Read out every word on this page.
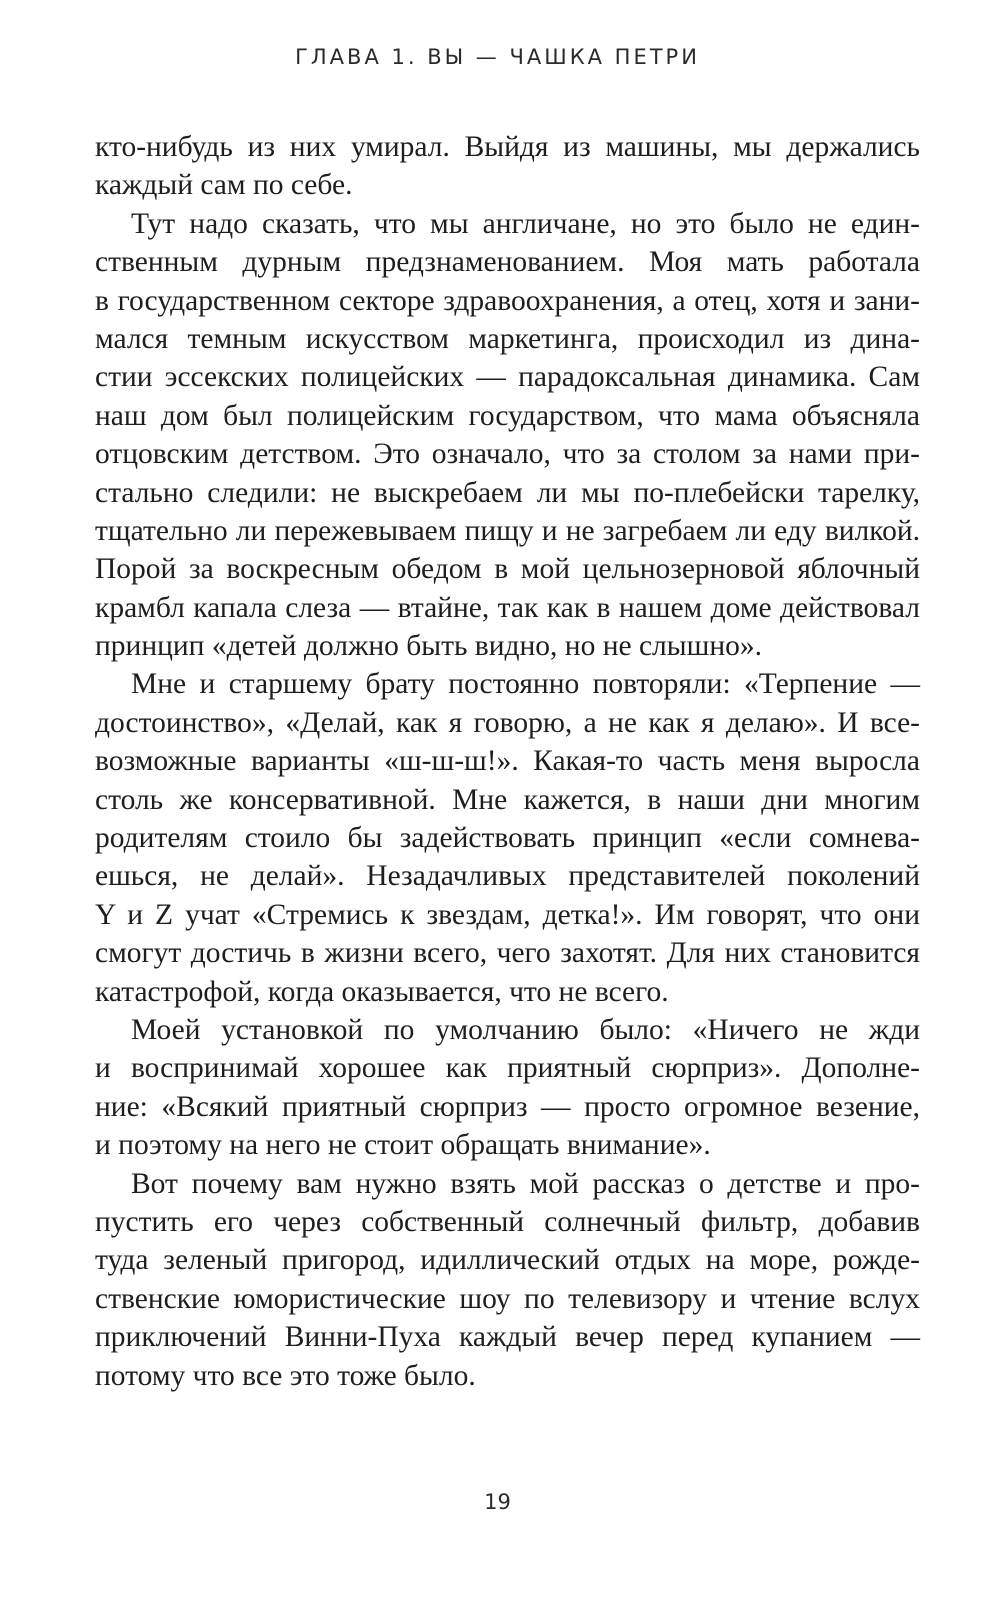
ГЛАВА 1. ВЫ — ЧАШКА ПЕТРИ
кто-нибудь из них умирал. Выйдя из машины, мы держались
каждый сам по себе.
Тут надо сказать, что мы англичане, но это было не един-
ственным дурным предзнаменованием. Моя мать работала
в государственном секторе здравоохранения, а отец, хотя и зани-
мался темным искусством маркетинга, происходил из дина-
стии эссекских полицейских — парадоксальная динамика. Сам
наш дом был полицейским государством, что мама объясняла
отцовским детством. Это означало, что за столом за нами при-
стально следили: не выскребаем ли мы по-плебейски тарелку,
тщательно ли пережевываем пищу и не загребаем ли еду вилкой.
Порой за воскресным обедом в мой цельнозерновой яблочный
крамбл капала слеза — втайне, так как в нашем доме действовал
принцип «детей должно быть видно, но не слышно».
Мне и старшему брату постоянно повторяли: «Терпение —
достоинство», «Делай, как я говорю, а не как я делаю». И все-
возможные варианты «ш-ш-ш!». Какая-то часть меня выросла
столь же консервативной. Мне кажется, в наши дни многим
родителям стоило бы задействовать принцип «если сомнева-
ешься, не делай». Незадачливых представителей поколений
Y и Z учат «Стремись к звездам, детка!». Им говорят, что они
смогут достичь в жизни всего, чего захотят. Для них становится
катастрофой, когда оказывается, что не всего.
Моей установкой по умолчанию было: «Ничего не жди
и воспринимай хорошее как приятный сюрприз». Дополне-
ние: «Всякий приятный сюрприз — просто огромное везение,
и поэтому на него не стоит обращать внимание».
Вот почему вам нужно взять мой рассказ о детстве и про-
пустить его через собственный солнечный фильтр, добавив
туда зеленый пригород, идиллический отдых на море, рожде-
ственские юмористические шоу по телевизору и чтение вслух
приключений Винни-Пуха каждый вечер перед купанием —
потому что все это тоже было.
19
